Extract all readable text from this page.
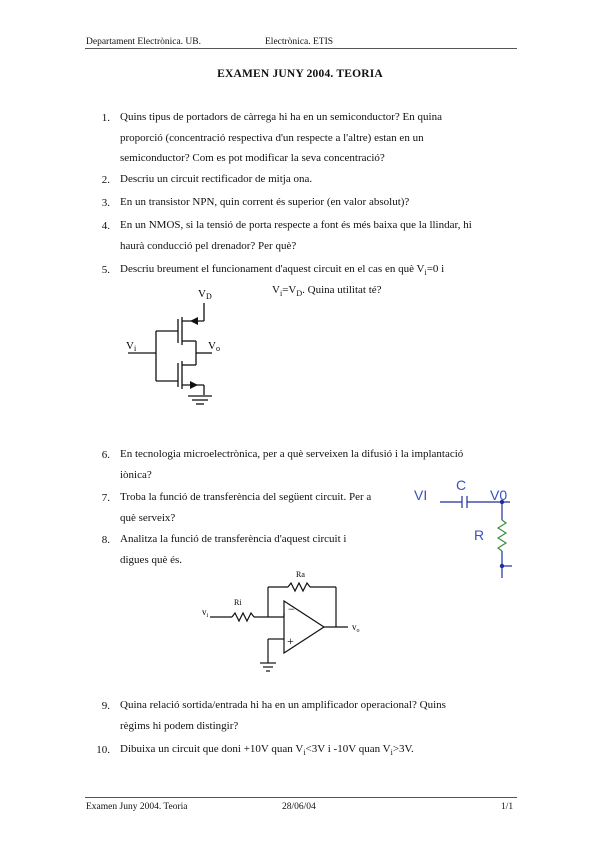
Departament Electrònica. UB.	Electrònica. ETIS
EXAMEN JUNY 2004. TEORIA
1. Quins tipus de portadors de càrrega hi ha en un semiconductor? En quina
proporció (concentració respectiva d'un respecte a l'altre) estan en un
semiconductor? Com es pot modificar la seva concentració?
2. Descriu un circuit rectificador de mitja ona.
3. En un transistor NPN, quin corrent és superior (en valor absolut)?
4. En un NMOS, si la tensió de porta respecte a font és més baixa que la llindar, hi
haurà conducció pel drenador? Per què?
5. Descriu breument el funcionament d'aquest circuit en el cas en què $V_i=0$ i
$V_i=V_D$. Quina utilitat té?
VD
Vi	Vo
6. En tecnologia microelectrònica, per a què serveixen la difusió i la implantació
iònica?
7. Troba la funció de transferència del següent circuit. Per a
què serveix?
VI
C
V0
R
8. Analitza la funció de transferència d'aquest circuit i
digues què és.
−
+
Ra
Ri
$v_i$
$v_o$
9. Quina relació sortida/entrada hi ha en un amplificador operacional? Quins
règims hi podem distingir?
10. Dibuixa un circuit que doni +10V quan $V_i<3V$ i -10V quan $V_i>3V$.
Examen Juny 2004. Teoria	28/06/04	1/1
